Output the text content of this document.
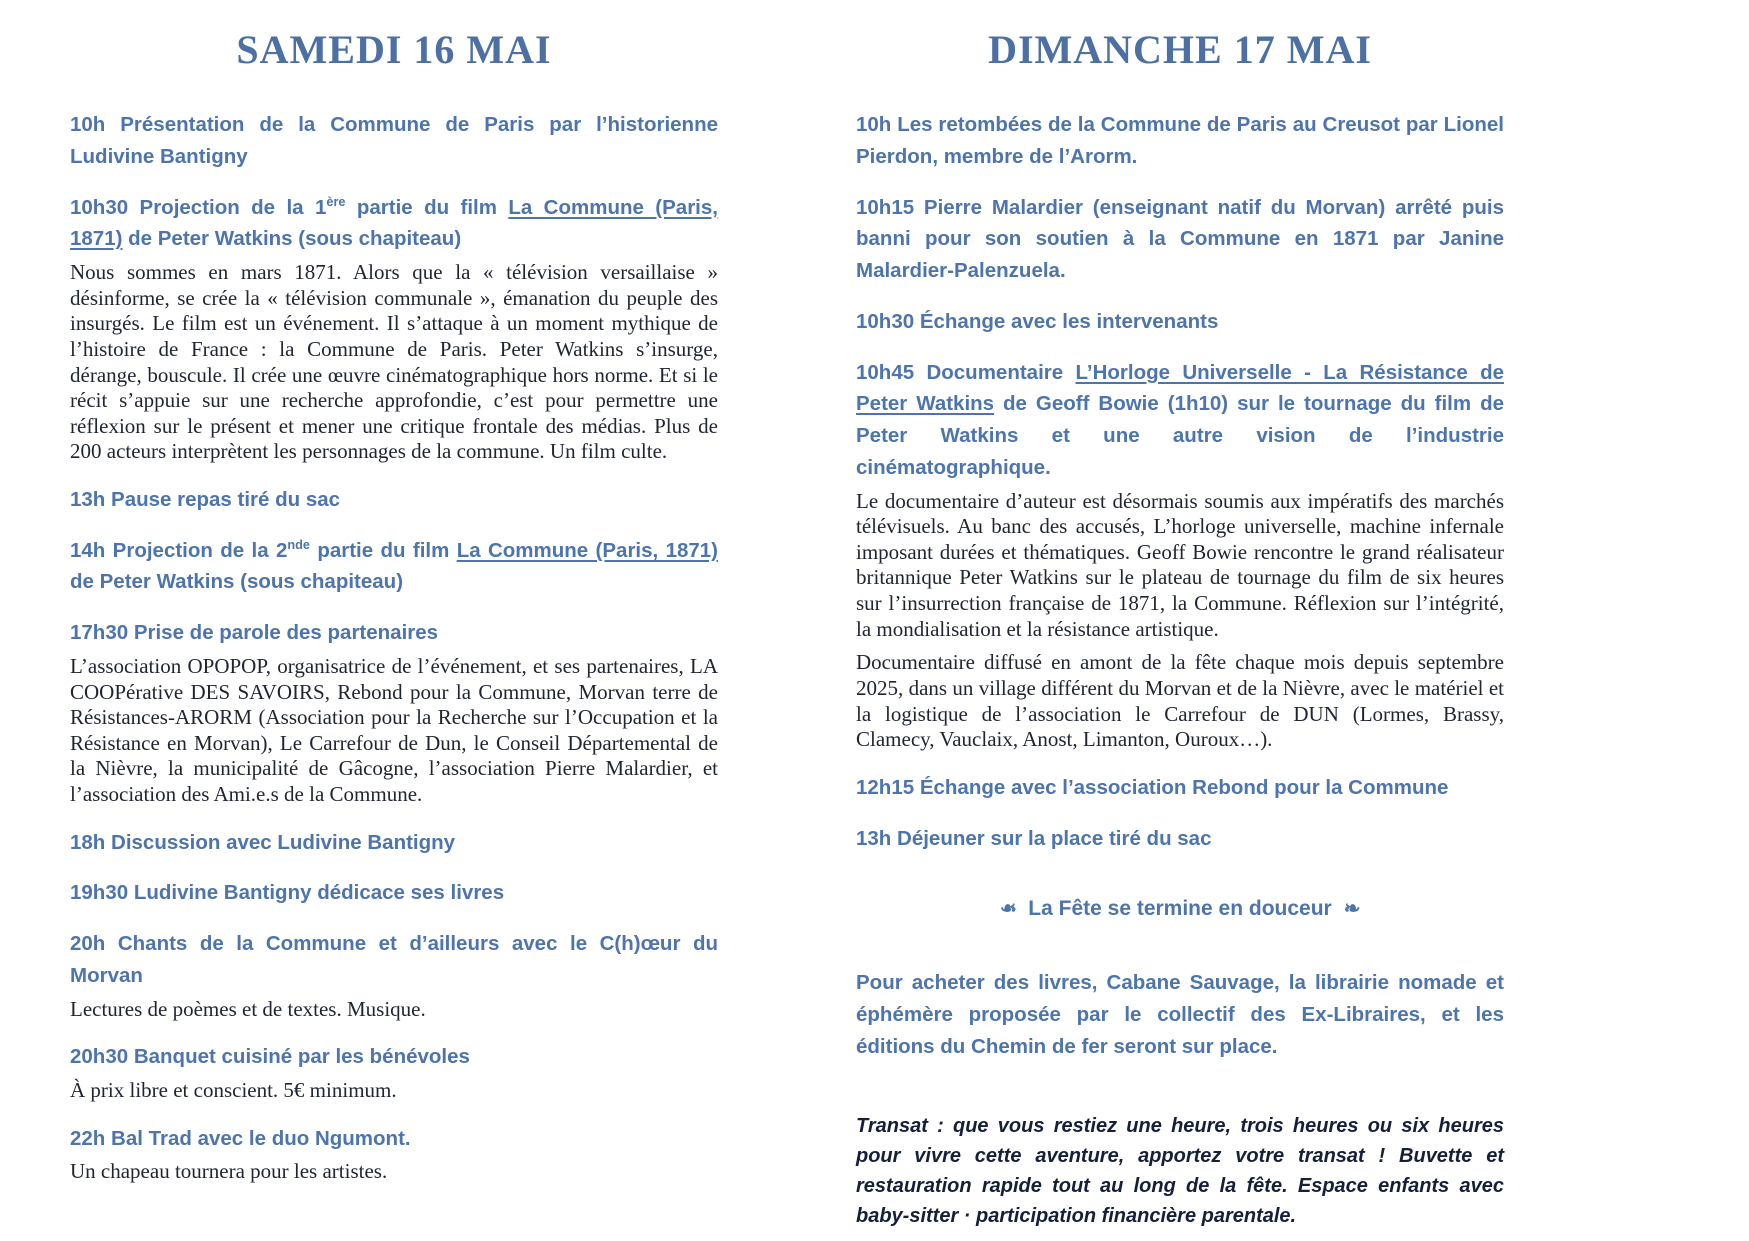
SAMEDI 16 MAI
10h Présentation de la Commune de Paris par l’historienne Ludivine Bantigny
10h30 Projection de la 1ère partie du film La Commune (Paris, 1871) de Peter Watkins (sous chapiteau)

Nous sommes en mars 1871. Alors que la « télévision versaillaise » désinforme, se crée la « télévision communale », émanation du peuple des insurgés. Le film est un événement. Il s’attaque à un moment mythique de l’histoire de France : la Commune de Paris. Peter Watkins s’insurge, dérange, bouscule. Il crée une œuvre cinématographique hors norme. Et si le récit s’appuie sur une recherche approfondie, c’est pour permettre une réflexion sur le présent et mener une critique frontale des médias. Plus de 200 acteurs interprètent les personnages de la commune. Un film culte.

13h Pause repas tiré du sac
14h Projection de la 2nde partie du film La Commune (Paris, 1871) de Peter Watkins (sous chapiteau)
17h30 Prise de parole des partenaires

L’association OPOPOP, organisatrice de l’événement, et ses partenaires, LA COOPérative DES SAVOIRS, Rebond pour la Commune, Morvan terre de Résistances-ARORM (Association pour la Recherche sur l’Occupation et la Résistance en Morvan), Le Carrefour de Dun, le Conseil Départemental de la Nièvre, la municipalité de Gâcogne, l’association Pierre Malardier, et l’association des Ami.e.s de la Commune.

18h Discussion avec Ludivine Bantigny
19h30 Ludivine Bantigny dédicace ses livres
20h Chants de la Commune et d’ailleurs avec le C(h)œur du Morvan

Lectures de poèmes et de textes. Musique.

20h30 Banquet cuisiné par les bénévoles

À prix libre et conscient. 5€ minimum.

22h Bal Trad avec le duo Ngumont.

Un chapeau tournera pour les artistes.

DIMANCHE 17 MAI
10h Les retombées de la Commune de Paris au Creusot par Lionel Pierdon, membre de l’Arorm.
10h15 Pierre Malardier (enseignant natif du Morvan) arrêté puis banni pour son soutien à la Commune en 1871 par Janine Malardier-Palenzuela.
10h30 Échange avec les intervenants
10h45 Documentaire L’Horloge Universelle - La Résistance de Peter Watkins de Geoff Bowie (1h10) sur le tournage du film de Peter Watkins et une autre vision de l’industrie cinématographique.

Le documentaire d’auteur est désormais soumis aux impératifs des marchés télévisuels. Au banc des accusés, L’horloge universelle, machine infernale imposant durées et thématiques. Geoff Bowie rencontre le grand réalisateur britannique Peter Watkins sur le plateau de tournage du film de six heures sur l’insurrection française de 1871, la Commune. Réflexion sur l’intégrité, la mondialisation et la résistance artistique.

Documentaire diffusé en amont de la fête chaque mois depuis septembre 2025, dans un village différent du Morvan et de la Nièvre, avec le matériel et la logistique de l’association le Carrefour de DUN (Lormes, Brassy, Clamecy, Vauclaix, Anost, Limanton, Ouroux…).

12h15 Échange avec l’association Rebond pour la Commune
13h Déjeuner sur la place tiré du sac
❧ La Fête se termine en douceur ❧

Pour acheter des livres, Cabane Sauvage, la librairie nomade et éphémère proposée par le collectif des Ex-Libraires, et les éditions du Chemin de fer seront sur place.

Transat : que vous restiez une heure, trois heures ou six heures pour vivre cette aventure, apportez votre transat ! Buvette et restauration rapide tout au long de la fête. Espace enfants avec baby-sitter · participation financière parentale.
